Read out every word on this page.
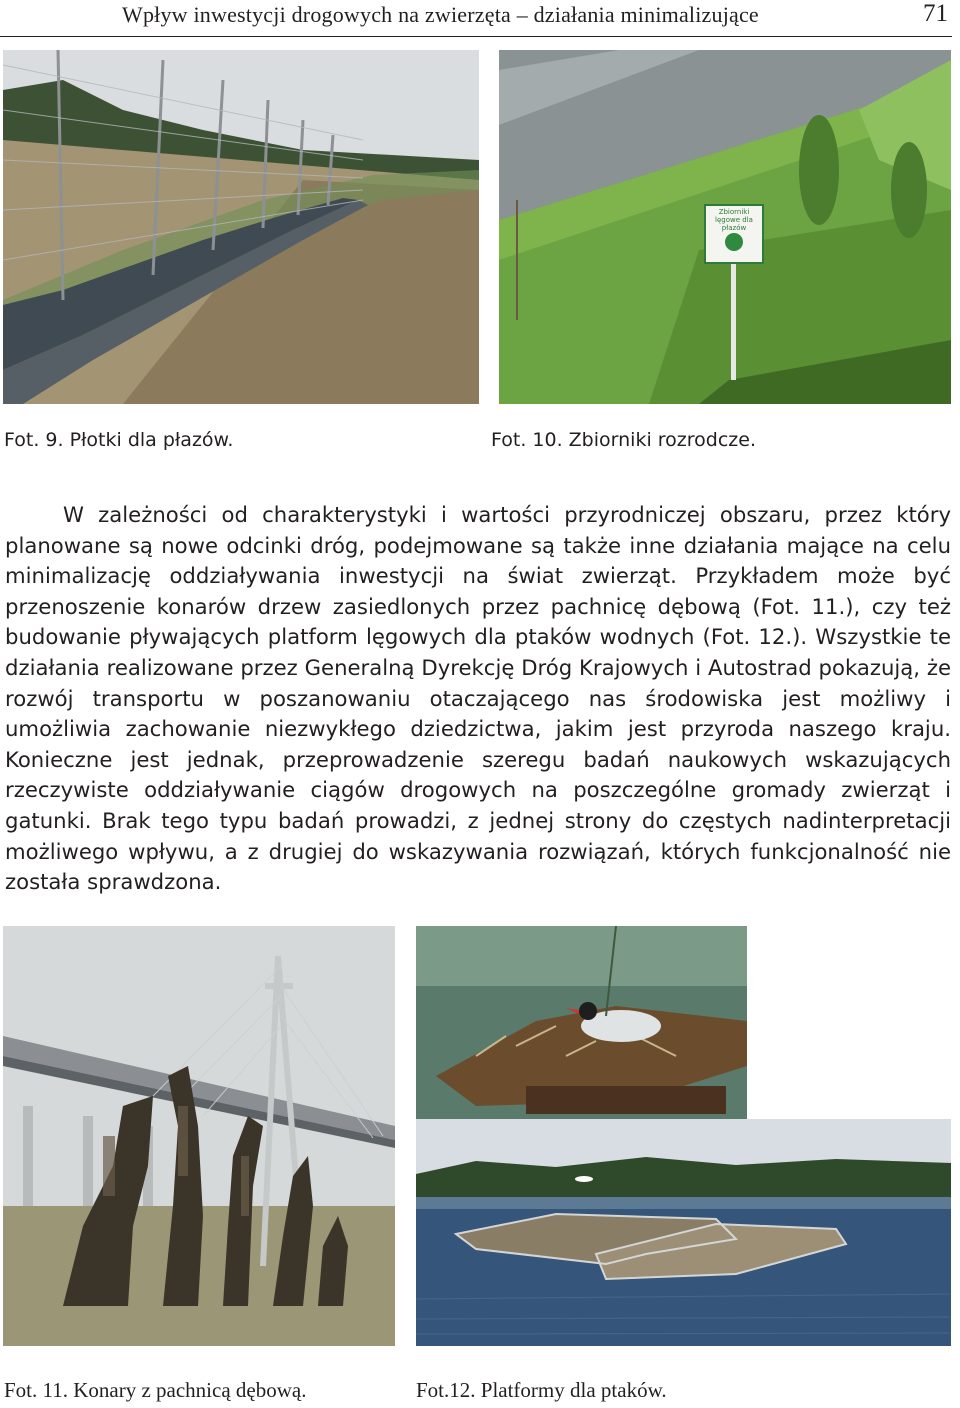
Wpływ inwestycji drogowych na zwierzęta – działania minimalizujące	71
Zbiorniki lęgowe dla płazów
Fot. 9. Płotki dla płazów.	Fot. 10. Zbiorniki rozrodcze.

W zależności od charakterystyki i wartości przyrodniczej obszaru, przez który planowane są nowe odcinki dróg, podejmowane są także inne działania mające na celu minimalizację oddziaływania inwestycji na świat zwierząt. Przykładem może być przenoszenie konarów drzew zasiedlonych przez pachnicę dębową (Fot. 11.), czy też budowanie pływających platform lęgowych dla ptaków wodnych (Fot. 12.). Wszystkie te działania realizowane przez Generalną Dyrekcję Dróg Krajowych i Autostrad pokazują, że rozwój transportu w poszanowaniu otaczającego nas środowiska jest możliwy i umożliwia zachowanie niezwykłego dziedzictwa, jakim jest przyroda naszego kraju. Konieczne jest jednak, przeprowadzenie szeregu badań naukowych wskazujących rzeczywiste oddziaływanie ciągów drogowych na poszczególne gromady zwierząt i gatunki. Brak tego typu badań prowadzi, z jednej strony do częstych nadinterpretacji możliwego wpływu, a z drugiej do wskazywania rozwiązań, których funkcjonalność nie została sprawdzona.

Fot. 11. Konary z pachnicą dębową.	Fot.12. Platformy dla ptaków.
